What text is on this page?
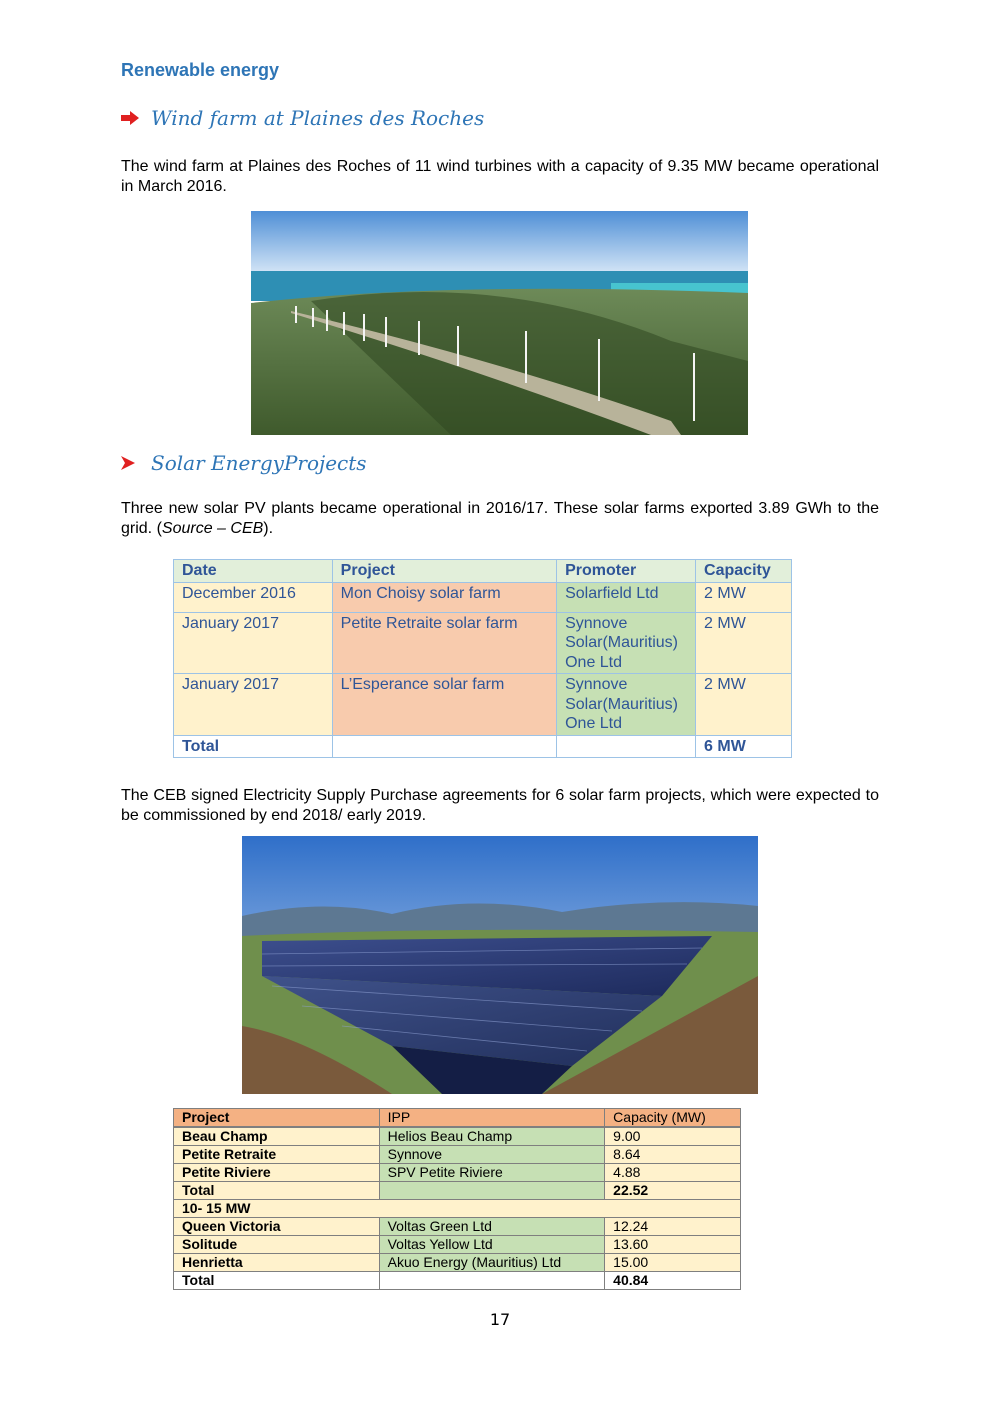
Renewable energy
Wind farm at Plaines des Roches
The wind farm at Plaines des Roches of 11 wind turbines with a capacity of 9.35 MW became operational in March 2016.
Solar EnergyProjects
Three new solar PV plants became operational in 2016/17. These solar farms exported 3.89 GWh to the grid. (Source – CEB).
Date	Project	Promoter	Capacity
December 2016	Mon Choisy solar farm	Solarfield Ltd	2 MW
January 2017	Petite Retraite solar farm	Synnove Solar(Mauritius) One Ltd	2 MW
January 2017	L’Esperance solar farm	Synnove Solar(Mauritius) One Ltd	2 MW
Total			6 MW
The CEB signed Electricity Supply Purchase agreements for 6 solar farm projects, which were expected to be commissioned by end 2018/ early 2019.
Project	IPP	Capacity (MW)
Beau Champ	Helios Beau Champ	9.00
Petite Retraite	Synnove	8.64
Petite Riviere	SPV Petite Riviere	4.88
Total		22.52
10- 15 MW		
Queen Victoria	Voltas Green Ltd	12.24
Solitude	Voltas Yellow Ltd	13.60
Henrietta	Akuo Energy (Mauritius) Ltd	15.00
Total		40.84
17
